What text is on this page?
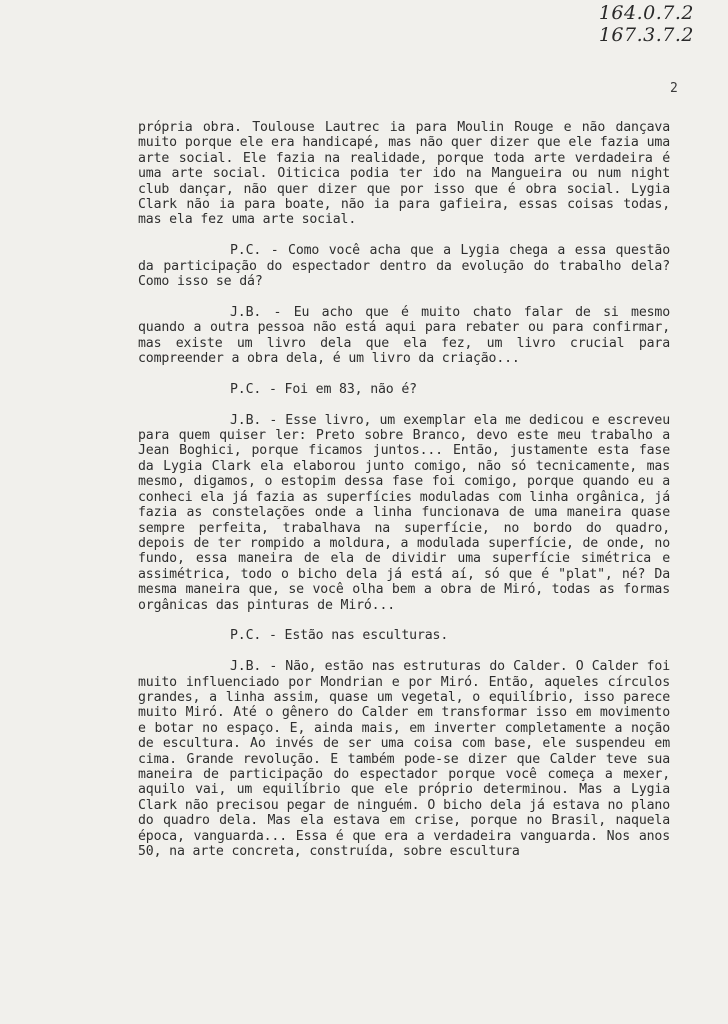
164.0.7.2
167.3.7.2
2

própria obra. Toulouse Lautrec ia para Moulin Rouge e não dançava muito porque ele era handicapé, mas não quer dizer que ele fazia uma arte social. Ele fazia na realidade, porque toda arte verdadeira é uma arte social. Oiticica podia ter ido na Mangueira ou num night club dançar, não quer dizer que por isso que é obra social. Lygia Clark não ia para boate, não ia para gafieira, essas coisas todas, mas ela fez uma arte social.

P.C. - Como você acha que a Lygia chega a essa questão da participação do espectador dentro da evolução do trabalho dela? Como isso se dá?

J.B. - Eu acho que é muito chato falar de si mesmo quando a outra pessoa não está aqui para rebater ou para confirmar, mas existe um livro dela que ela fez, um livro crucial para compreender a obra dela, é um livro da criação...

P.C. - Foi em 83, não é?

J.B. - Esse livro, um exemplar ela me dedicou e escreveu para quem quiser ler: Preto sobre Branco, devo este meu trabalho a Jean Boghici, porque ficamos juntos... Então, justamente esta fase da Lygia Clark ela elaborou junto comigo, não só tecnicamente, mas mesmo, digamos, o estopim dessa fase foi comigo, porque quando eu a conheci ela já fazia as superfícies moduladas com linha orgânica, já fazia as constelações onde a linha funcionava de uma maneira quase sempre perfeita, trabalhava na superfície, no bordo do quadro, depois de ter rompido a moldura, a modulada superfície, de onde, no fundo, essa maneira de ela de dividir uma superfície simétrica e assimétrica, todo o bicho dela já está aí, só que é "plat", né? Da mesma maneira que, se você olha bem a obra de Miró, todas as formas orgânicas das pinturas de Miró...

P.C. - Estão nas esculturas.

J.B. - Não, estão nas estruturas do Calder. O Calder foi muito influenciado por Mondrian e por Miró. Então, aqueles círculos grandes, a linha assim, quase um vegetal, o equilíbrio, isso parece muito Miró. Até o gênero do Calder em transformar isso em movimento e botar no espaço. E, ainda mais, em inverter completamente a noção de escultura. Ao invés de ser uma coisa com base, ele suspendeu em cima. Grande revolução. E também pode-se dizer que Calder teve sua maneira de participação do espectador porque você começa a mexer, aquilo vai, um equilíbrio que ele próprio determinou. Mas a Lygia Clark não precisou pegar de ninguém. O bicho dela já estava no plano do quadro dela. Mas ela estava em crise, porque no Brasil, naquela época, vanguarda... Essa é que era a verdadeira vanguarda. Nos anos 50, na arte concreta, construída, sobre escultura
